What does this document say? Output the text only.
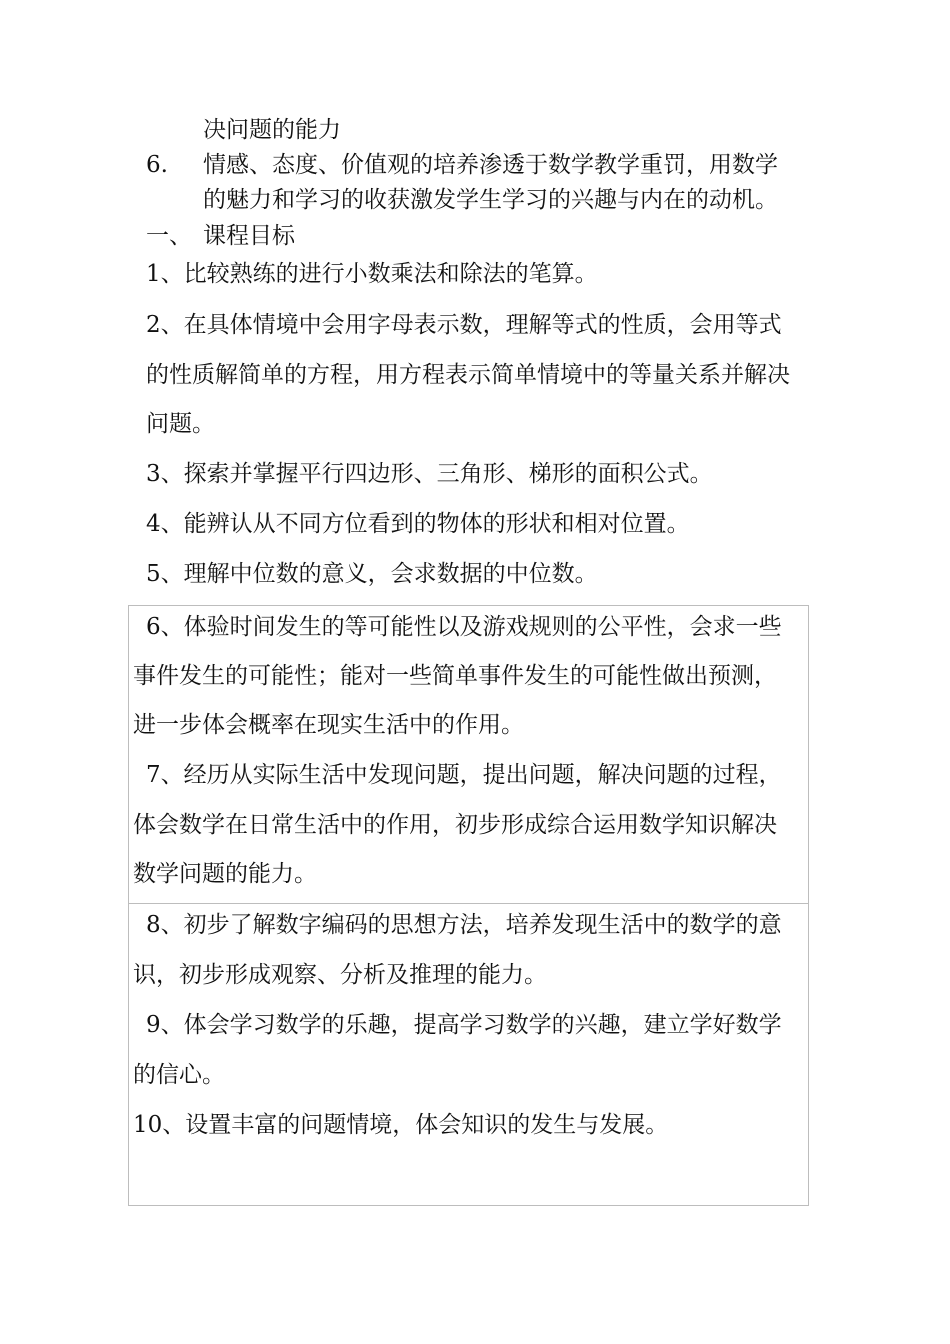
决问题的能力
6. 情感、态度、价值观的培养渗透于数学教学重罚，用数学
的魅力和学习的收获激发学生学习的兴趣与内在的动机。
一、 课程目标
1、比较熟练的进行小数乘法和除法的笔算。
2、在具体情境中会用字母表示数，理解等式的性质，会用等式
的性质解简单的方程，用方程表示简单情境中的等量关系并解决
问题。
3、探索并掌握平行四边形、三角形、梯形的面积公式。
4、能辨认从不同方位看到的物体的形状和相对位置。
5、理解中位数的意义，会求数据的中位数。
6、体验时间发生的等可能性以及游戏规则的公平性，会求一些
事件发生的可能性；能对一些简单事件发生的可能性做出预测，
进一步体会概率在现实生活中的作用。
7、经历从实际生活中发现问题，提出问题，解决问题的过程，
体会数学在日常生活中的作用，初步形成综合运用数学知识解决
数学问题的能力。
8、初步了解数字编码的思想方法，培养发现生活中的数学的意
识，初步形成观察、分析及推理的能力。
9、体会学习数学的乐趣，提高学习数学的兴趣，建立学好数学
的信心。
10、设置丰富的问题情境，体会知识的发生与发展。
